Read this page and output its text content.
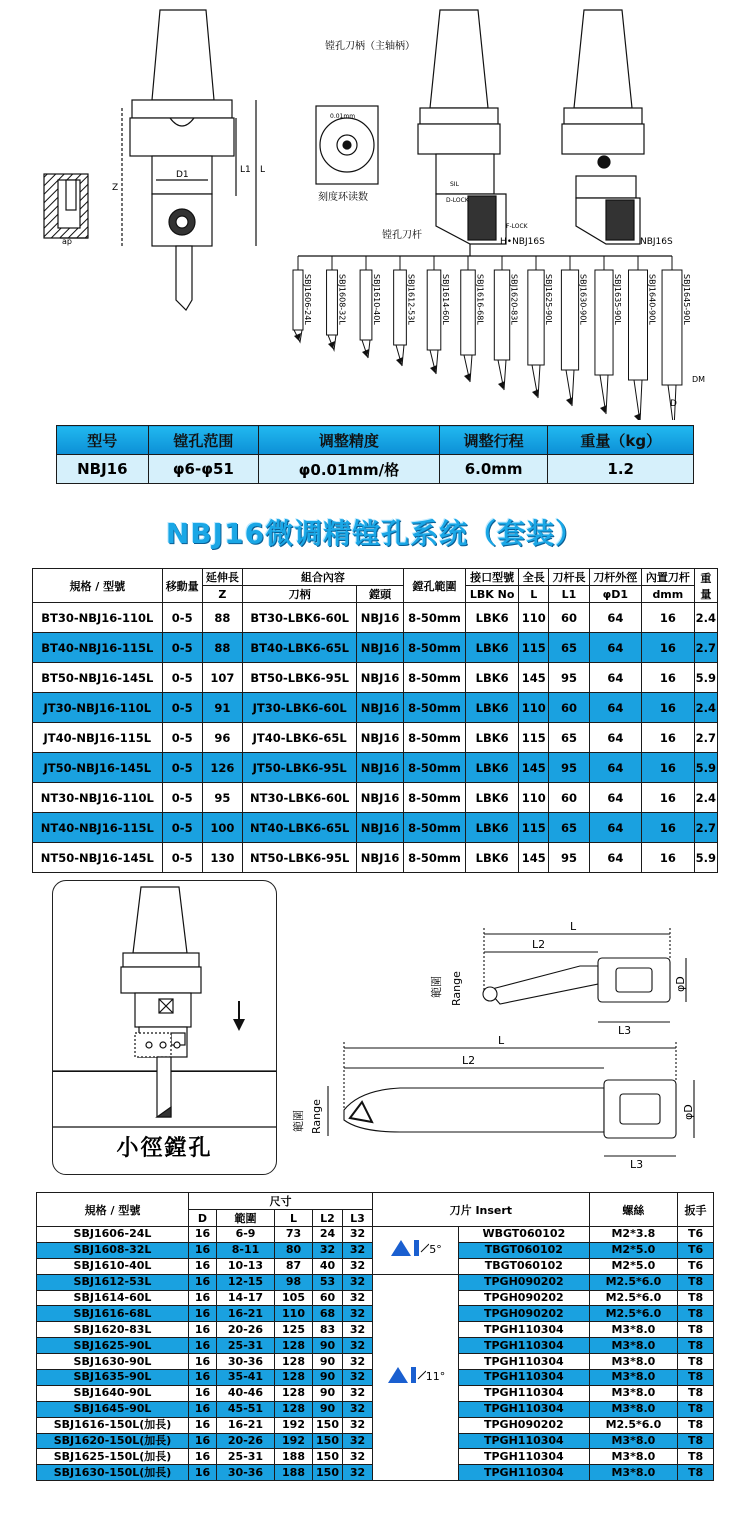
SBJ1606-24L	SBJ1608-32L	SBJ1610-40L	SBJ1612-53L	SBJ1614-60L	SBJ1616-68L	SBJ1620-83L	SBJ1625-90L	SBJ1630-90L	SBJ1635-90L	SBJ1640-90L	SBJ1645-90L
镗孔刀柄（主轴柄）
刻度环读数
0.01mm
镗孔刀杆
D1	L1 L
Z
ap	H•NBJ16S	NBJ16S
F-LOCK
SIL
D-LOCK
DM
D
型号	镗孔范围	调整精度	调整行程	重量（kg）
NBJ16	φ6-φ51	φ0.01mm/格	6.0mm	1.2
NBJ16微调精镗孔系统（套装）
規格 / 型號	移動量	延伸長	組合內容		鏜孔範圍	接口型號	全長	刀杆長	刀杆外徑	內置刀杆	重量
		Z	刀柄	鏜頭		LBK No	L	L1	φD1	dmm	
BT30-NBJ16-110L	0-5	88	BT30-LBK6-60L	NBJ16	8-50mm	LBK6	110	60	64	16	2.4
BT40-NBJ16-115L	0-5	88	BT40-LBK6-65L	NBJ16	8-50mm	LBK6	115	65	64	16	2.7
BT50-NBJ16-145L	0-5	107	BT50-LBK6-95L	NBJ16	8-50mm	LBK6	145	95	64	16	5.9
JT30-NBJ16-110L	0-5	91	JT30-LBK6-60L	NBJ16	8-50mm	LBK6	110	60	64	16	2.4
JT40-NBJ16-115L	0-5	96	JT40-LBK6-65L	NBJ16	8-50mm	LBK6	115	65	64	16	2.7
JT50-NBJ16-145L	0-5	126	JT50-LBK6-95L	NBJ16	8-50mm	LBK6	145	95	64	16	5.9
NT30-NBJ16-110L	0-5	95	NT30-LBK6-60L	NBJ16	8-50mm	LBK6	110	60	64	16	2.4
NT40-NBJ16-115L	0-5	100	NT40-LBK6-65L	NBJ16	8-50mm	LBK6	115	65	64	16	2.7
NT50-NBJ16-145L	0-5	130	NT50-LBK6-95L	NBJ16	8-50mm	LBK6	145	95	64	16	5.9
L
L2
L3
L
L2
L3
範圍 Range
範圍 Range
φD
φD
小徑鏜孔
規格 / 型號	尺寸					刀片 Insert		螺絲	扳手
	D	範圍	L	L2	L3				
SBJ1606-24L	16	6-9	73	24	32	5°	WBGT060102	M2*3.8	T6
SBJ1608-32L	16	8-11	80	32	32		TBGT060102	M2*5.0	T6
SBJ1610-40L	16	10-13	87	40	32		TBGT060102	M2*5.0	T6
SBJ1612-53L	16	12-15	98	53	32	11°	TPGH090202	M2.5*6.0	T8
SBJ1614-60L	16	14-17	105	60	32		TPGH090202	M2.5*6.0	T8
SBJ1616-68L	16	16-21	110	68	32		TPGH090202	M2.5*6.0	T8
SBJ1620-83L	16	20-26	125	83	32		TPGH110304	M3*8.0	T8
SBJ1625-90L	16	25-31	128	90	32		TPGH110304	M3*8.0	T8
SBJ1630-90L	16	30-36	128	90	32		TPGH110304	M3*8.0	T8
SBJ1635-90L	16	35-41	128	90	32		TPGH110304	M3*8.0	T8
SBJ1640-90L	16	40-46	128	90	32		TPGH110304	M3*8.0	T8
SBJ1645-90L	16	45-51	128	90	32		TPGH110304	M3*8.0	T8
SBJ1616-150L(加長)	16	16-21	192	150	32		TPGH090202	M2.5*6.0	T8
SBJ1620-150L(加長)	16	20-26	192	150	32		TPGH110304	M3*8.0	T8
SBJ1625-150L(加長)	16	25-31	188	150	32		TPGH110304	M3*8.0	T8
SBJ1630-150L(加長)	16	30-36	188	150	32		TPGH110304	M3*8.0	T8
